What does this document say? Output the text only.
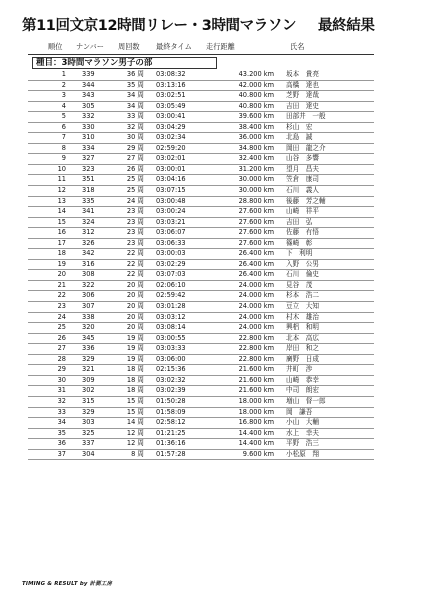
第11回文京12時間リレー・3時間マラソン 最終結果
順位 ナンバー 周回数 最終タイム 走行距離	氏名
種目：3時間マラソン男子の部
1 339	36 周 03:08:32	43.200 km 坂本　貴亮
2 344	35 周 03:13:16	42.000 km 高橋　達也
3 343	34 周 03:02:51	40.800 km 芝野　達哉
4 305	34 周 03:05:49	40.800 km 吉田　達史
5 332	33 周 03:00:41	39.600 km 田部井　一般
6 330	32 周 03:04:29	38.400 km 杉山　宏
7 310	30 周 03:02:34	36.000 km 北島　誠
8 334	29 周 02:59:20	34.800 km 岡田　龍之介
9 327	27 周 03:02:01	32.400 km 山谷　多響
10 323	26 周 03:00:01	31.200 km 望月　昌夫
11 351	25 周 03:04:16	30.000 km 笠倉　康司
12 318	25 周 03:07:15	30.000 km 石川　義人
13 335	24 周 03:00:48	28.800 km 後藤　芳之輔
14 341	23 周 03:00:24	27.600 km 山崎　祥平
15 324	23 周 03:03:21	27.600 km 吉田　弘
16 312	23 周 03:06:07	27.600 km 佐藤　有悟
17 326	23 周 03:06:33	27.600 km 篠崎　彰
18 342	22 周 03:00:03	26.400 km 下　利明
19 316	22 周 03:02:29	26.400 km 入野　公男
20 308	22 周 03:07:03	26.400 km 石川　倫史
21 322	20 周 02:06:10	24.000 km 見谷　茂
22 306	20 周 02:59:42	24.000 km 杉本　浩二
23 307	20 周 03:01:28	24.000 km 豆立　大知
24 338	20 周 03:03:12	24.000 km 村木　雄治
25 320	20 周 03:08:14	24.000 km 興梠　和明
26 345	19 周 03:00:55	22.800 km 北本　高広
27 336	19 周 03:03:33	22.800 km 岸田　和之
28 329	19 周 03:06:00	22.800 km 廣野　日成
29 321	18 周 02:15:36	21.600 km 井町　渉
30 309	18 周 03:02:32	21.600 km 山崎　恭幸
31 302	18 周 03:02:39	21.600 km 中司　朗宏
32 315	15 周 01:50:28	18.000 km 増山　督一郎
33 329	15 周 01:58:09	18.000 km 岡　謙吾
34 303	14 周 02:58:12	16.800 km 小山　大輔
35 325	12 周 01:21:25	14.400 km 水上　幸夫
36 337	12 周 01:36:16	14.400 km 平野　浩三
37 304	8 周 01:57:28	9.600 km 小松原　翔
TIMING & RESULT by 計測工房
